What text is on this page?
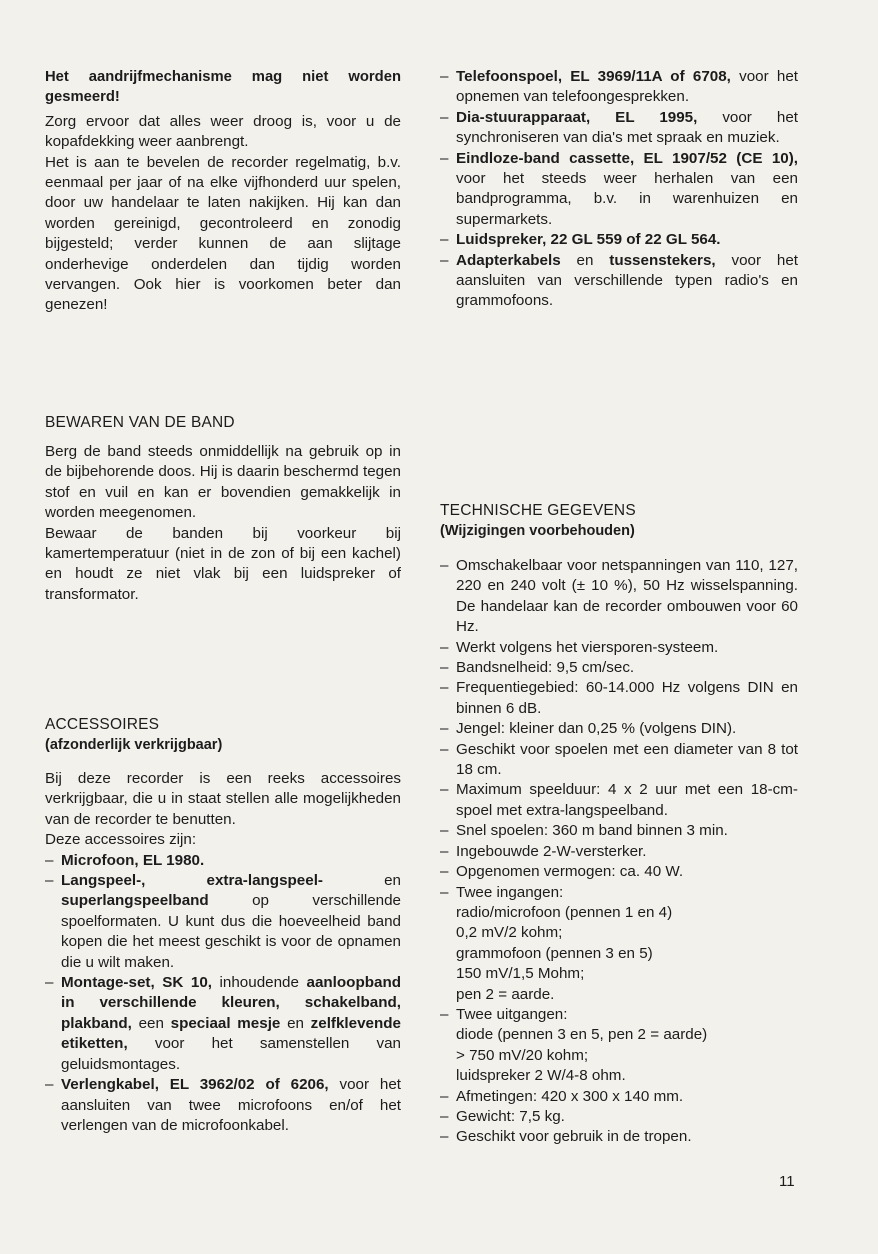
Het aandrijfmechanisme mag niet worden gesmeerd!

Zorg ervoor dat alles weer droog is, voor u de kopafdekking weer aanbrengt.

Het is aan te bevelen de recorder regelmatig, b.v. eenmaal per jaar of na elke vijfhonderd uur spelen, door uw handelaar te laten nakijken. Hij kan dan worden gereinigd, gecontroleerd en zonodig bijgesteld; verder kunnen de aan slijtage onderhevige onderdelen dan tijdig worden vervangen. Ook hier is voorkomen beter dan genezen!

BEWAREN VAN DE BAND

Berg de band steeds onmiddellijk na gebruik op in de bijbehorende doos. Hij is daarin beschermd tegen stof en vuil en kan er bovendien gemakkelijk in worden meegenomen.

Bewaar de banden bij voorkeur bij kamertemperatuur (niet in de zon of bij een kachel) en houdt ze niet vlak bij een luidspreker of transformator.

ACCESSOIRES
(afzonderlijk verkrijgbaar)

Bij deze recorder is een reeks accessoires verkrijgbaar, die u in staat stellen alle mogelijkheden van de recorder te benutten.

Deze accessoires zijn:

– Microfoon, EL 1980.
– Langspeel-, extra-langspeel- en superlangspeelband op verschillende spoelformaten. U kunt dus die hoeveelheid band kopen die het meest geschikt is voor de opnamen die u wilt maken.
– Montage-set, SK 10, inhoudende aanloopband in verschillende kleuren, schakelband, plakband, een speciaal mesje en zelfklevende etiketten, voor het samenstellen van geluidsmontages.
– Verlengkabel, EL 3962/02 of 6206, voor het aansluiten van twee microfoons en/of het verlengen van de microfoonkabel.
– Telefoonspoel, EL 3969/11A of 6708, voor het opnemen van telefoongesprekken.
– Dia-stuurapparaat, EL 1995, voor het synchroniseren van dia's met spraak en muziek.
– Eindloze-band cassette, EL 1907/52 (CE 10), voor het steeds weer herhalen van een bandprogramma, b.v. in warenhuizen en supermarkets.
– Luidspreker, 22 GL 559 of 22 GL 564.
– Adapterkabels en tussenstekers, voor het aansluiten van verschillende typen radio's en grammofoons.
TECHNISCHE GEGEVENS
(Wijzigingen voorbehouden)
– Omschakelbaar voor netspanningen van 110, 127, 220 en 240 volt (± 10 %), 50 Hz wisselspanning. De handelaar kan de recorder ombouwen voor 60 Hz.
– Werkt volgens het viersporen-systeem.
– Bandsnelheid: 9,5 cm/sec.
– Frequentiegebied: 60-14.000 Hz volgens DIN en binnen 6 dB.
– Jengel: kleiner dan 0,25 % (volgens DIN).
– Geschikt voor spoelen met een diameter van 8 tot 18 cm.
– Maximum speelduur: 4 x 2 uur met een 18-cm-spoel met extra-langspeelband.
– Snel spoelen: 360 m band binnen 3 min.
– Ingebouwde 2-W-versterker.
– Opgenomen vermogen: ca. 40 W.
– Twee ingangen:
radio/microfoon (pennen 1 en 4)
0,2 mV/2 kohm;
grammofoon (pennen 3 en 5)
150 mV/1,5 Mohm;
pen 2 = aarde.
– Twee uitgangen:
diode (pennen 3 en 5, pen 2 = aarde)
> 750 mV/20 kohm;
luidspreker 2 W/4-8 ohm.
– Afmetingen: 420 x 300 x 140 mm.
– Gewicht: 7,5 kg.
– Geschikt voor gebruik in de tropen.
11
